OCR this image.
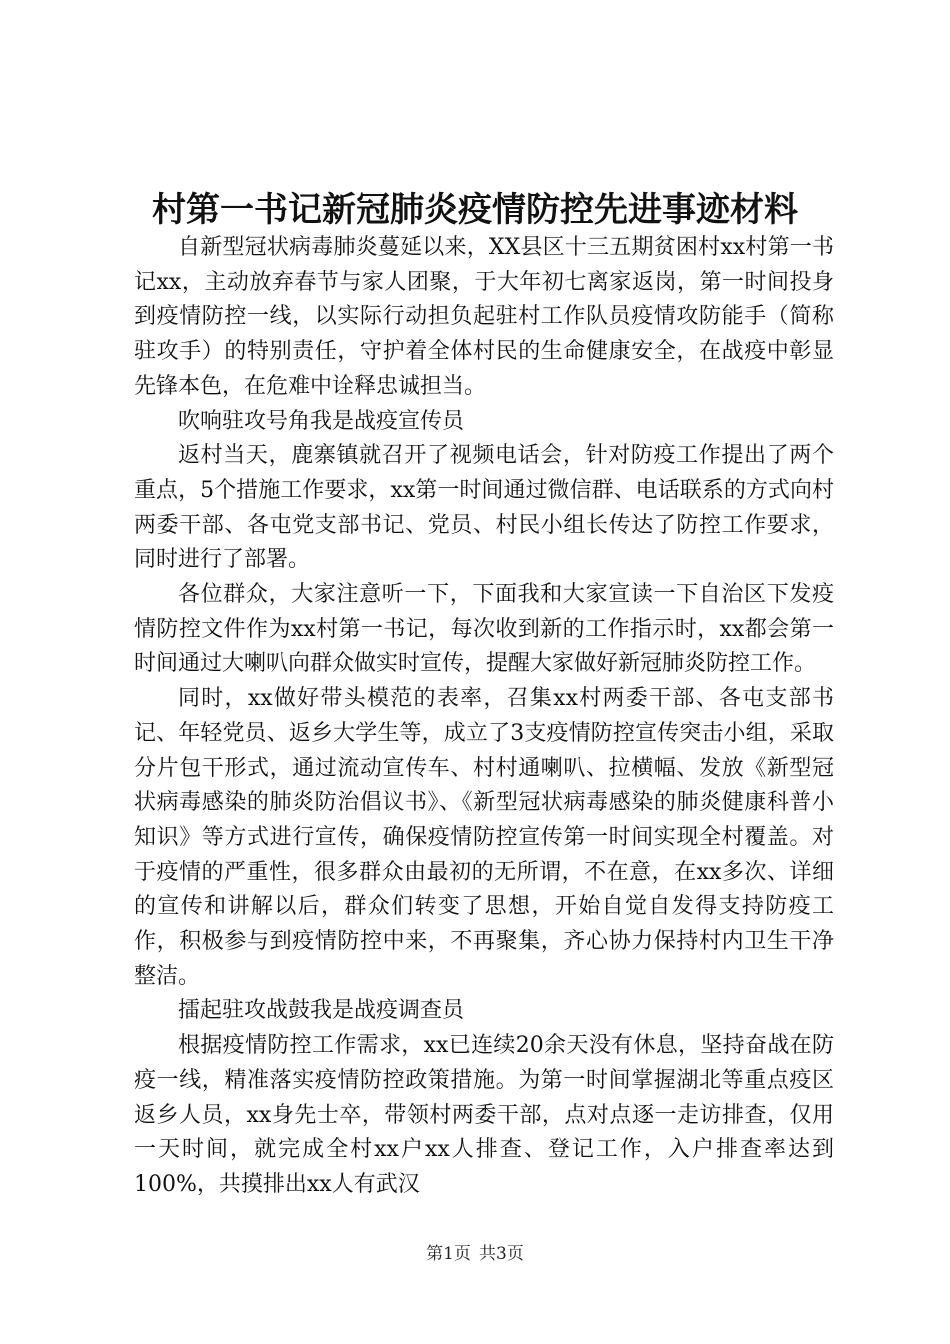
村第一书记新冠肺炎疫情防控先进事迹材料

自新型冠状病毒肺炎蔓延以来，XX县区十三五期贫困村xx村第一书记xx，主动放弃春节与家人团聚，于大年初七离家返岗，第一时间投身到疫情防控一线，以实际行动担负起驻村工作队员疫情攻防能手（简称驻攻手）的特别责任，守护着全体村民的生命健康安全，在战疫中彰显先锋本色，在危难中诠释忠诚担当。

吹响驻攻号角我是战疫宣传员

返村当天，鹿寨镇就召开了视频电话会，针对防疫工作提出了两个重点，5个措施工作要求，xx第一时间通过微信群、电话联系的方式向村两委干部、各屯党支部书记、党员、村民小组长传达了防控工作要求，同时进行了部署。

各位群众，大家注意听一下，下面我和大家宣读一下自治区下发疫情防控文件作为xx村第一书记，每次收到新的工作指示时，xx都会第一时间通过大喇叭向群众做实时宣传，提醒大家做好新冠肺炎防控工作。

同时，xx做好带头模范的表率，召集xx村两委干部、各屯支部书记、年轻党员、返乡大学生等，成立了3支疫情防控宣传突击小组，采取分片包干形式，通过流动宣传车、村村通喇叭、拉横幅、发放《新型冠状病毒感染的肺炎防治倡议书》、《新型冠状病毒感染的肺炎健康科普小知识》等方式进行宣传，确保疫情防控宣传第一时间实现全村覆盖。对于疫情的严重性，很多群众由最初的无所谓，不在意，在xx多次、详细的宣传和讲解以后，群众们转变了思想，开始自觉自发得支持防疫工作，积极参与到疫情防控中来，不再聚集，齐心协力保持村内卫生干净整洁。

擂起驻攻战鼓我是战疫调查员

根据疫情防控工作需求，xx已连续20余天没有休息，坚持奋战在防疫一线，精准落实疫情防控政策措施。为第一时间掌握湖北等重点疫区返乡人员，xx身先士卒，带领村两委干部，点对点逐一走访排查，仅用一天时间，就完成全村xx户xx人排查、登记工作，入户排查率达到100%，共摸排出xx人有武汉

第1页 共3页
